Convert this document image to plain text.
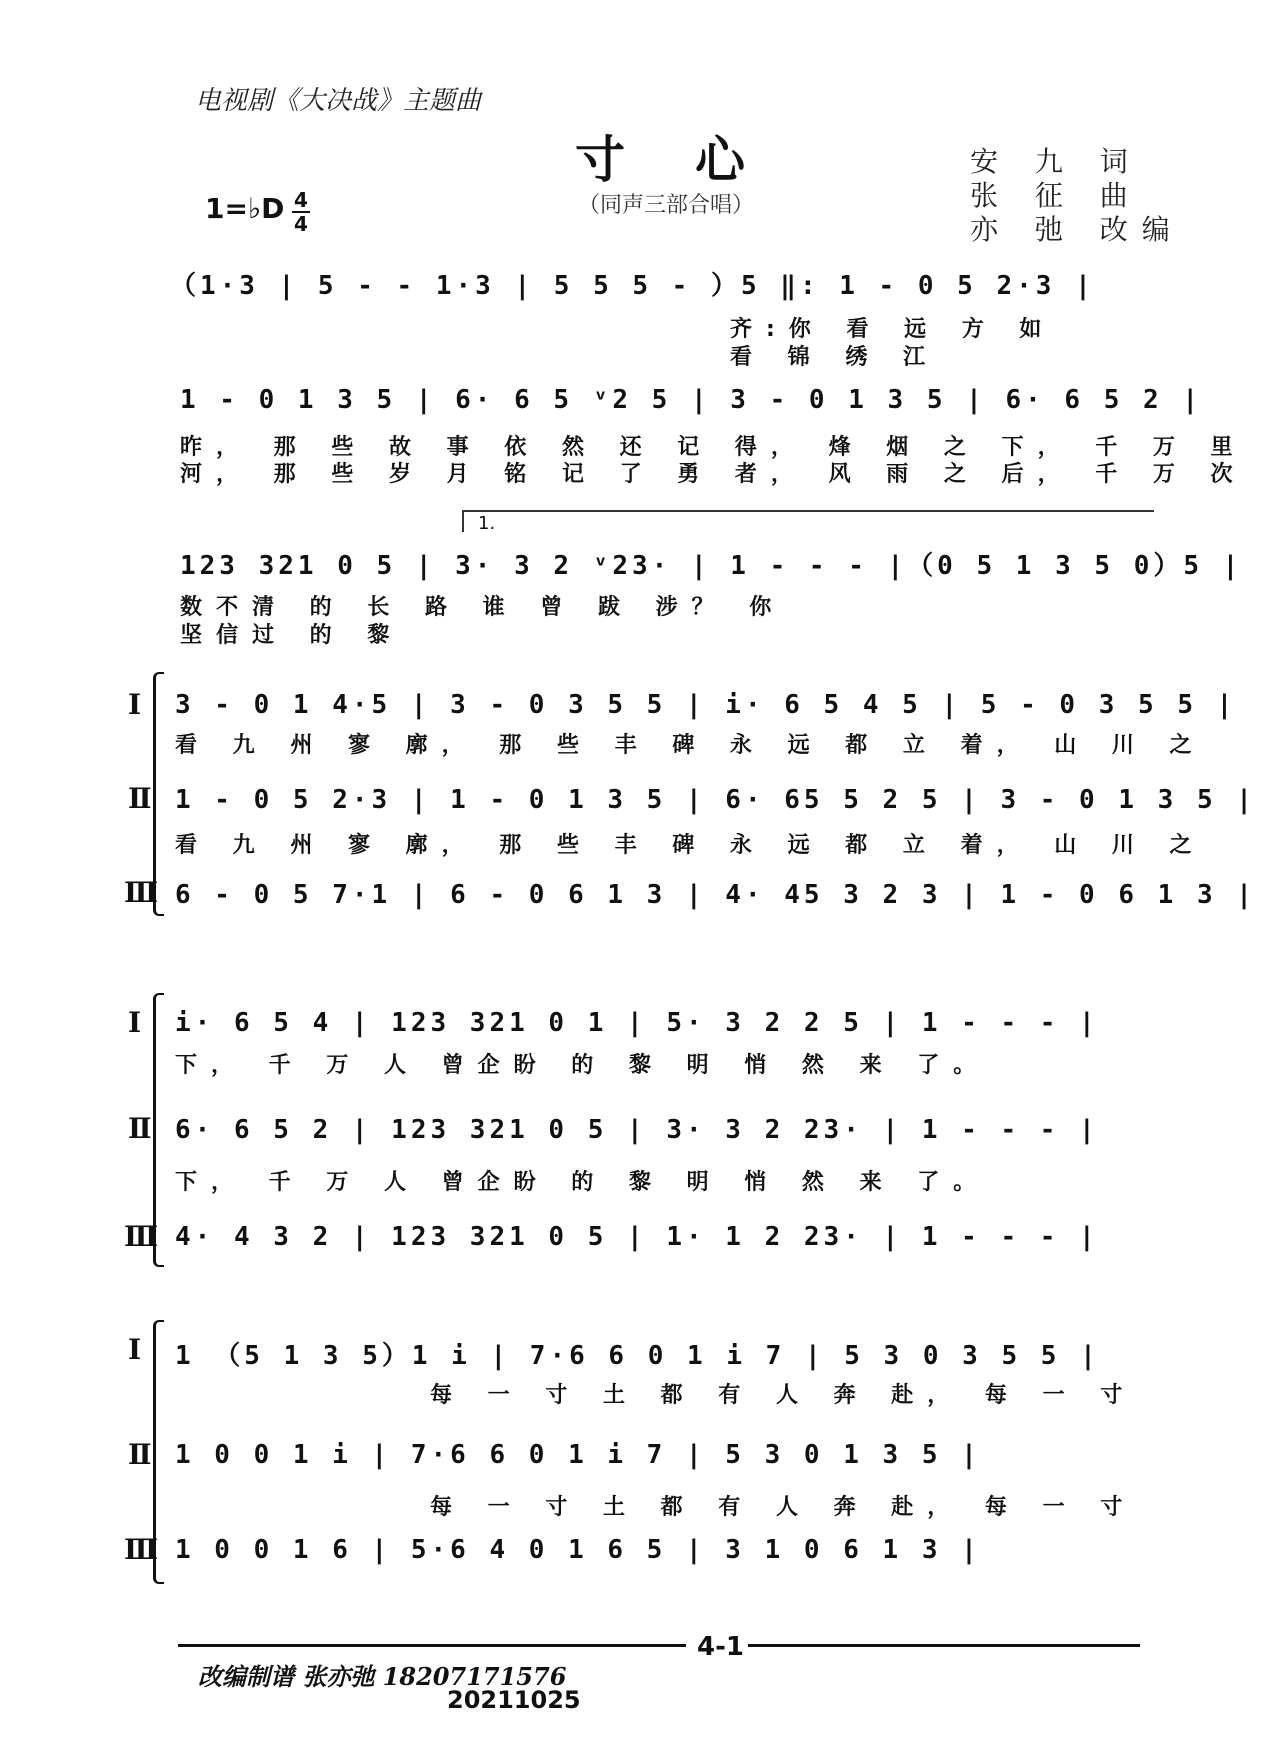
电视剧《大决战》主题曲
寸心
1=♭D 4
4
（同声三部合唱）
安 九 词
张 征 曲
亦 弛 改编
（1·3 | 5 - - 1·3 | 5 5 5 - ）5 ‖: 1 - 0 5 2·3 |
齐:你 看 远 方 如
看 锦 绣 江
1 - 0 1 3 5 | 6· 6 5 ᵛ2 5 | 3 - 0 1 3 5 | 6· 6 5 2 |
昨， 那 些 故 事 依 然 还 记 得， 烽 烟 之 下， 千 万 里
河， 那 些 岁 月 铭 记 了 勇 者， 风 雨 之 后， 千 万 次
1.
123 321 0 5 | 3· 3 2 ᵛ23· | 1 - - - |（0 5 1 3 5 0）5 |
数不清 的 长 路 谁 曾 跋 涉？ 你
坚信过 的 黎
Ⅰ 3 - 0 1 4·5 | 3 - 0 3 5 5 | i· 6 5 4 5 | 5 - 0 3 5 5 |
看 九 州 寥 廓， 那 些 丰 碑 永 远 都 立 着， 山 川 之
Ⅱ 1 - 0 5 2·3 | 1 - 0 1 3 5 | 6· 65 5 2 5 | 3 - 0 1 3 5 |
看 九 州 寥 廓， 那 些 丰 碑 永 远 都 立 着， 山 川 之
Ⅲ 6 - 0 5 7·1 | 6 - 0 6 1 3 | 4· 45 3 2 3 | 1 - 0 6 1 3 |
Ⅰ i· 6 5 4 | 123 321 0 1 | 5· 3 2 2 5 | 1 - - - |
下， 千 万 人 曾企盼 的 黎 明 悄 然 来 了。
Ⅱ 6· 6 5 2 | 123 321 0 5 | 3· 3 2 23· | 1 - - - |
下， 千 万 人 曾企盼 的 黎 明 悄 然 来 了。
Ⅲ 4· 4 3 2 | 123 321 0 5 | 1· 1 2 23· | 1 - - - |
Ⅰ 1 （5 1 3 5）1 i | 7·6 6 0 1 i 7 | 5 3 0 3 5 5 |
每 一 寸 土 都 有 人 奔 赴， 每 一 寸
Ⅱ 1 0 0 1 i | 7·6 6 0 1 i 7 | 5 3 0 1 3 5 |
每 一 寸 土 都 有 人 奔 赴， 每 一 寸
Ⅲ 1 0 0 1 6 | 5·6 4 0 1 6 5 | 3 1 0 6 1 3 |
4-1
改编制谱 张亦弛 18207171576
20211025
